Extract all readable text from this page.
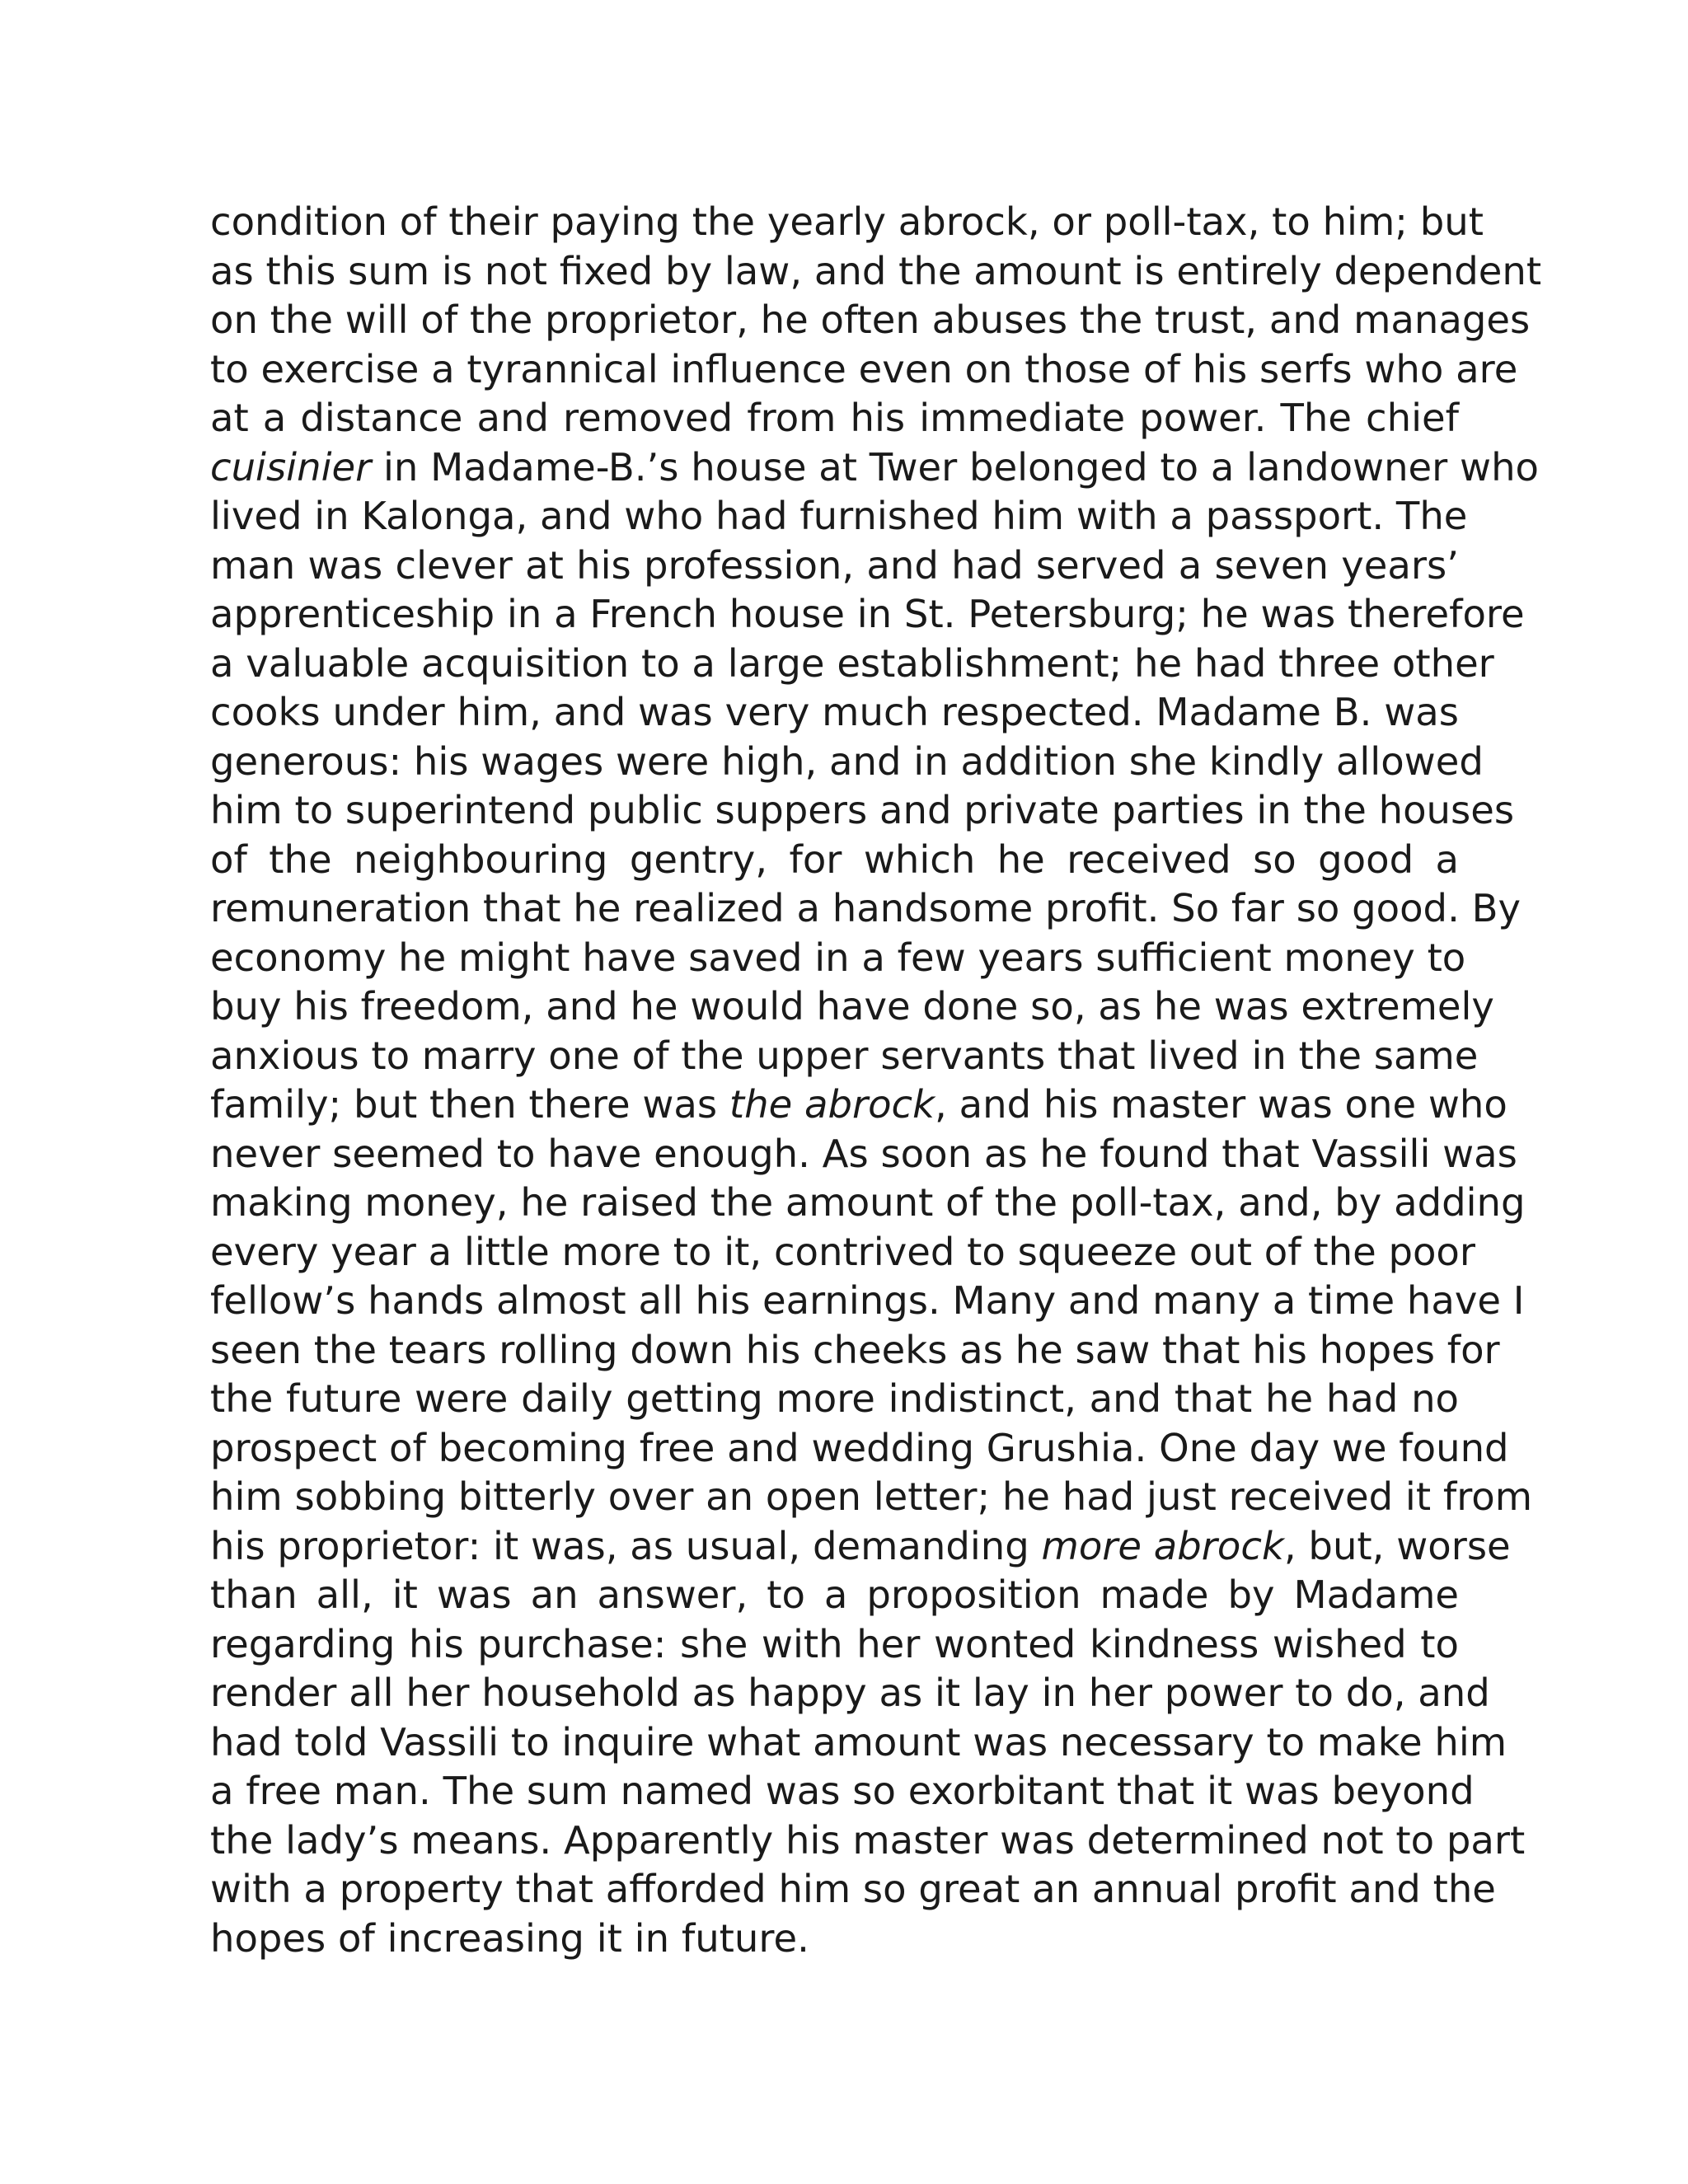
condition of their paying the yearly abrock, or poll-tax, to him; but
as this sum is not fixed by law, and the amount is entirely dependent
on the will of the proprietor, he often abuses the trust, and manages
to exercise a tyrannical influence even on those of his serfs who are
at a distance and removed from his immediate power. The chief
cuisinier in Madame-B.’s house at Twer belonged to a landowner who
lived in Kalonga, and who had furnished him with a passport. The
man was clever at his profession, and had served a seven years’
apprenticeship in a French house in St. Petersburg; he was therefore
a valuable acquisition to a large establishment; he had three other
cooks under him, and was very much respected. Madame B. was
generous: his wages were high, and in addition she kindly allowed
him to superintend public suppers and private parties in the houses
of the neighbouring gentry, for which he received so good a
remuneration that he realized a handsome profit. So far so good. By
economy he might have saved in a few years sufficient money to
buy his freedom, and he would have done so, as he was extremely
anxious to marry one of the upper servants that lived in the same
family; but then there was the abrock, and his master was one who
never seemed to have enough. As soon as he found that Vassili was
making money, he raised the amount of the poll-tax, and, by adding
every year a little more to it, contrived to squeeze out of the poor
fellow’s hands almost all his earnings. Many and many a time have I
seen the tears rolling down his cheeks as he saw that his hopes for
the future were daily getting more indistinct, and that he had no
prospect of becoming free and wedding Grushia. One day we found
him sobbing bitterly over an open letter; he had just received it from
his proprietor: it was, as usual, demanding more abrock, but, worse
than all, it was an answer, to a proposition made by Madame
regarding his purchase: she with her wonted kindness wished to
render all her household as happy as it lay in her power to do, and
had told Vassili to inquire what amount was necessary to make him
a free man. The sum named was so exorbitant that it was beyond
the lady’s means. Apparently his master was determined not to part
with a property that afforded him so great an annual profit and the
hopes of increasing it in future.
